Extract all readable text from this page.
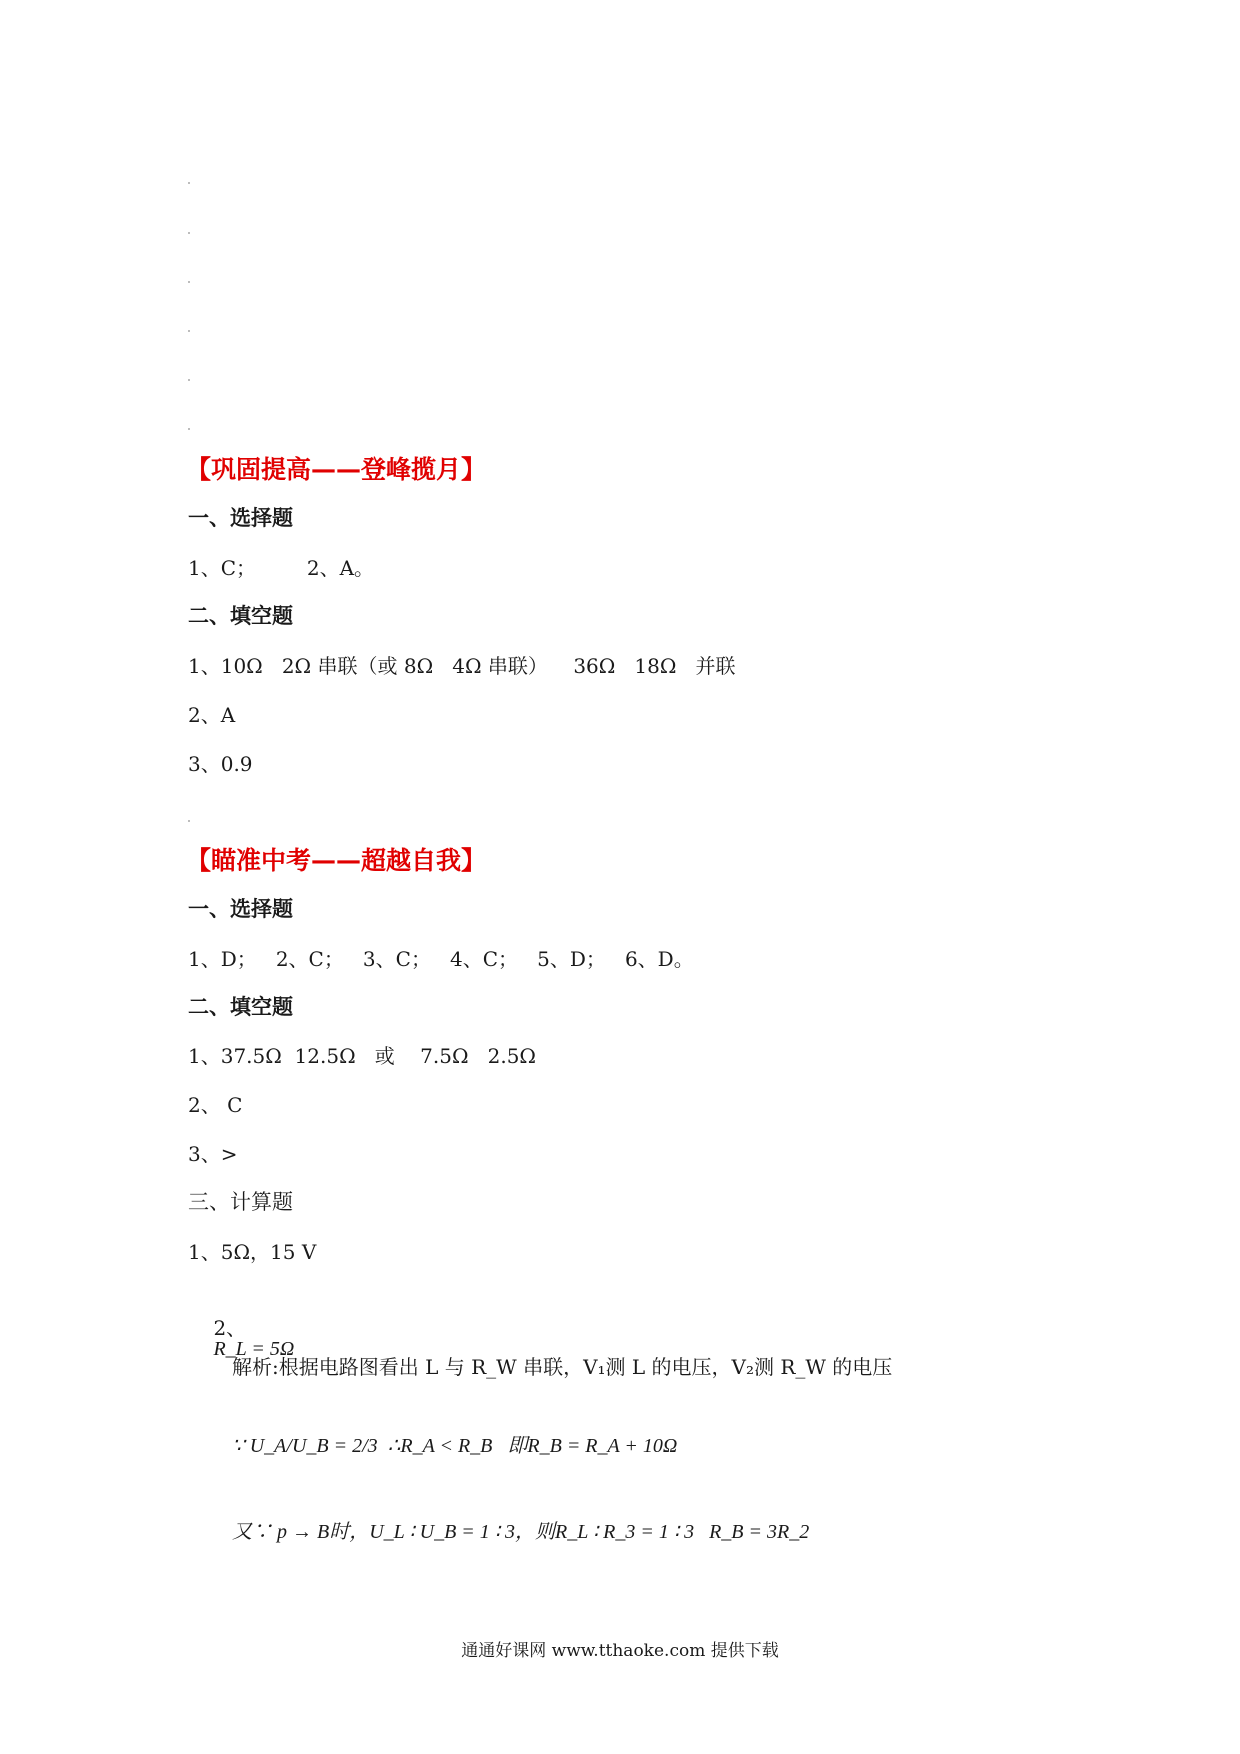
【巩固提高——登峰揽月】
一、选择题
1、C；        2、A。
二、填空题
1、10Ω   2Ω 串联（或 8Ω   4Ω 串联）    36Ω   18Ω   并联
2、A
3、0.9
【瞄准中考——超越自我】
一、选择题
1、D；   2、C；   3、C；   4、C；   5、D；   6、D。
二、填空题
1、37.5Ω  12.5Ω   或    7.5Ω   2.5Ω
2、 C
3、>
三、计算题
1、5Ω，15 V

2、
R_L = 5Ω

解析:根据电路图看出 L 与 R_W 串联，V₁测 L 的电压，V₂测 R_W 的电压
∵ U_A/U_B = 2/3  ∴R_A < R_B   即R_B = R_A + 10Ω
又∵ p → B时，U_L ∶ U_B = 1 ∶ 3，则R_L ∶ R_3 = 1 ∶ 3   R_B = 3R_2
通通好课网 www.tthaoke.com 提供下载
